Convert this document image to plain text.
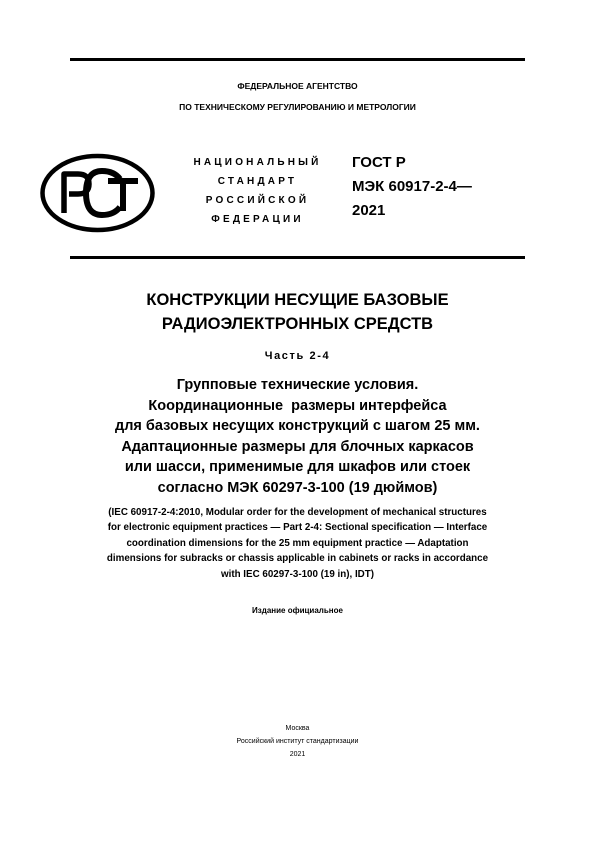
ФЕДЕРАЛЬНОЕ АГЕНТСТВО
ПО ТЕХНИЧЕСКОМУ РЕГУЛИРОВАНИЮ И МЕТРОЛОГИИ
НАЦИОНАЛЬНЫЙ
СТАНДАРТ
РОССИЙСКОЙ
ФЕДЕРАЦИИ
ГОСТ Р
МЭК 60917-2-4—
2021
КОНСТРУКЦИИ НЕСУЩИЕ БАЗОВЫЕ
РАДИОЭЛЕКТРОННЫХ СРЕДСТВ
Часть 2-4
Групповые технические условия.
Координационные  размеры интерфейса
для базовых несущих конструкций с шагом 25 мм.
Адаптационные размеры для блочных каркасов
или шасси, применимые для шкафов или стоек
согласно МЭК 60297-3-100 (19 дюймов)
(IEC 60917-2-4:2010, Modular order for the development of mechanical structures
for electronic equipment practices — Part 2-4: Sectional specification — Interface
coordination dimensions for the 25 mm equipment practice — Adaptation
dimensions for subracks or chassis applicable in cabinets or racks in accordance
with IEC 60297-3-100 (19 in), IDT)
Издание официальное
Москва
Российский институт стандартизации
2021
